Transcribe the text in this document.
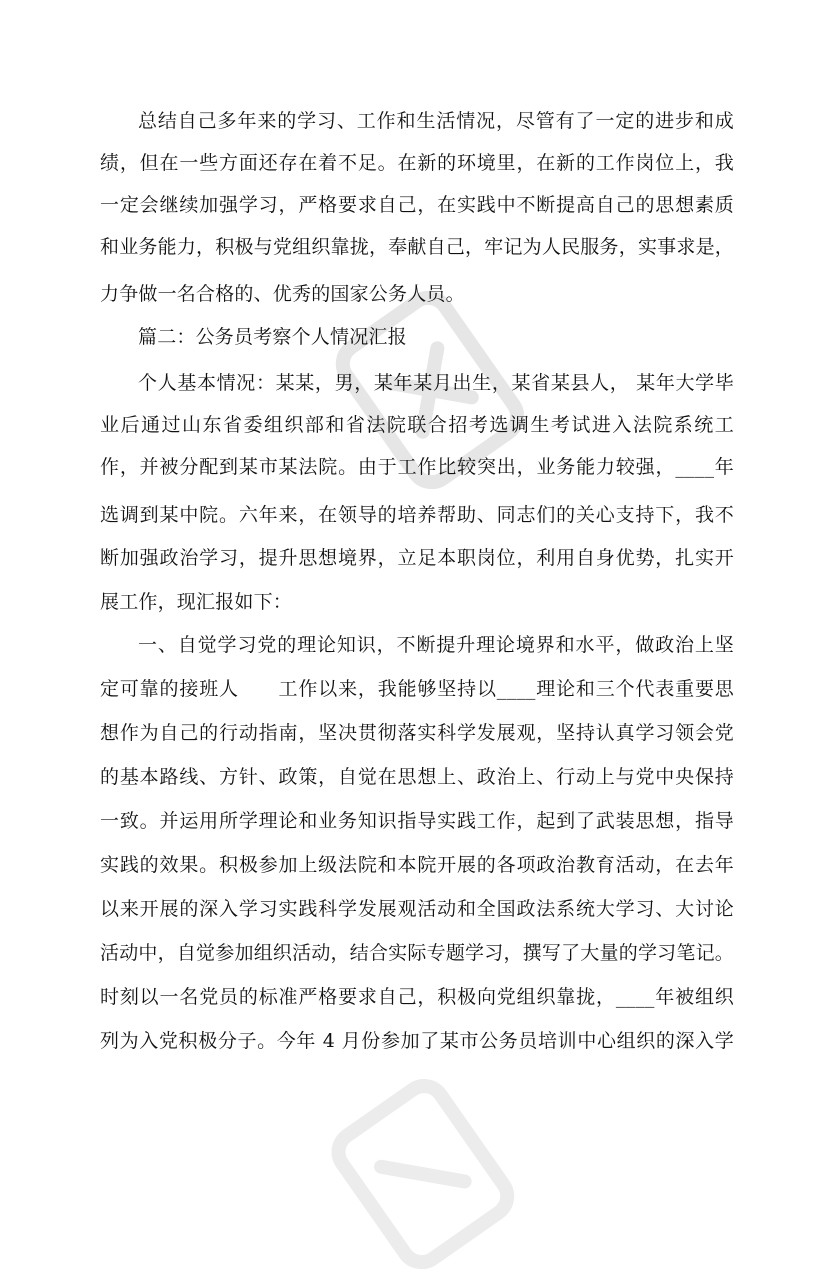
总结自己多年来的学习、工作和生活情况，尽管有了一定的进步和成
绩，但在一些方面还存在着不足。在新的环境里，在新的工作岗位上，我
一定会继续加强学习，严格要求自己，在实践中不断提高自己的思想素质
和业务能力，积极与党组织靠拢，奉献自己，牢记为人民服务，实事求是，
力争做一名合格的、优秀的国家公务人员。
篇二：公务员考察个人情况汇报
个人基本情况：某某，男，某年某月出生，某省某县人， 某年大学毕
业后通过山东省委组织部和省法院联合招考选调生考试进入法院系统工
作，并被分配到某市某法院。由于工作比较突出，业务能力较强，____年
选调到某中院。六年来，在领导的培养帮助、同志们的关心支持下，我不
断加强政治学习，提升思想境界，立足本职岗位，利用自身优势，扎实开
展工作，现汇报如下：
一、自觉学习党的理论知识，不断提升理论境界和水平，做政治上坚
定可靠的接班人　　工作以来，我能够坚持以____理论和三个代表重要思
想作为自己的行动指南，坚决贯彻落实科学发展观，坚持认真学习领会党
的基本路线、方针、政策，自觉在思想上、政治上、行动上与党中央保持
一致。并运用所学理论和业务知识指导实践工作，起到了武装思想，指导
实践的效果。积极参加上级法院和本院开展的各项政治教育活动，在去年
以来开展的深入学习实践科学发展观活动和全国政法系统大学习、大讨论
活动中，自觉参加组织活动，结合实际专题学习，撰写了大量的学习笔记。
时刻以一名党员的标准严格要求自己，积极向党组织靠拢，____年被组织
列为入党积极分子。今年 4 月份参加了某市公务员培训中心组织的深入学
